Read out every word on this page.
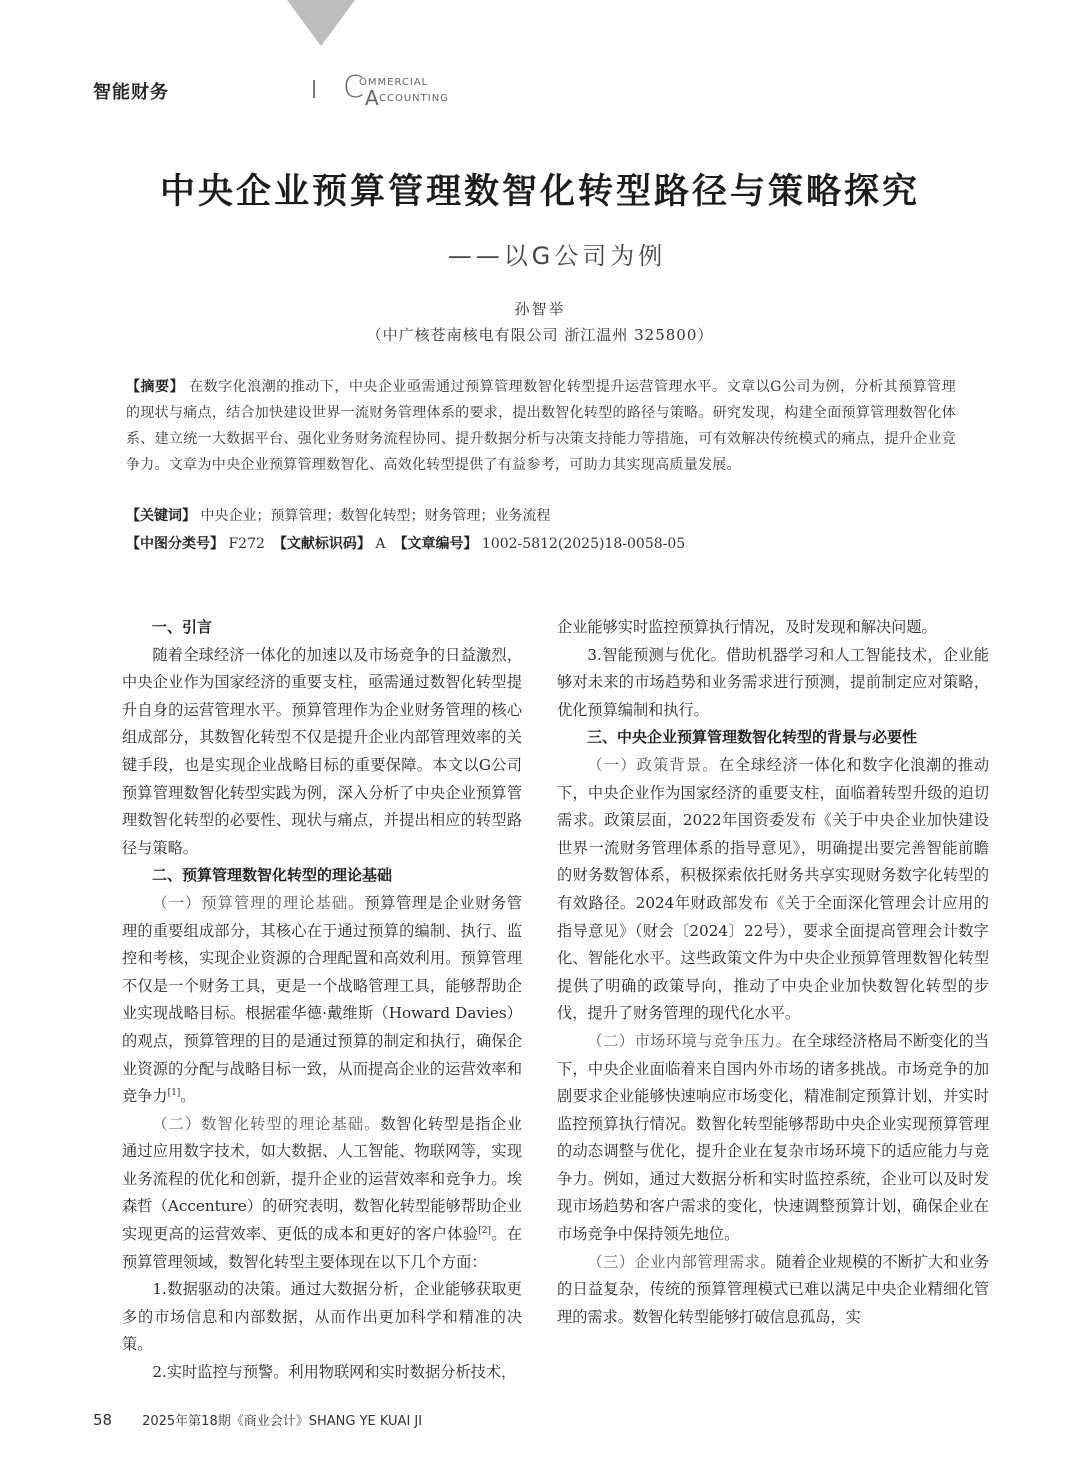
智能财务	C
OMMERCIAL
A CCOUNTING
中央企业预算管理数智化转型路径与策略探究
——以G公司为例
孙智举
（中广核苍南核电有限公司 浙江温州 325800）
【摘要】 在数字化浪潮的推动下，中央企业亟需通过预算管理数智化转型提升运营管理水平。文章以G公司为例，分析其预算管理的现状与痛点，结合加快建设世界一流财务管理体系的要求，提出数智化转型的路径与策略。研究发现，构建全面预算管理数智化体系、建立统一大数据平台、强化业务财务流程协同、提升数据分析与决策支持能力等措施，可有效解决传统模式的痛点，提升企业竞争力。文章为中央企业预算管理数智化、高效化转型提供了有益参考，可助力其实现高质量发展。
【关键词】 中央企业；预算管理；数智化转型；财务管理；业务流程
【中图分类号】 F272 【文献标识码】 A 【文章编号】 1002-5812(2025)18-0058-05
一、引言

随着全球经济一体化的加速以及市场竞争的日益激烈，中央企业作为国家经济的重要支柱，亟需通过数智化转型提升自身的运营管理水平。预算管理作为企业财务管理的核心组成部分，其数智化转型不仅是提升企业内部管理效率的关键手段，也是实现企业战略目标的重要保障。本文以G公司预算管理数智化转型实践为例，深入分析了中央企业预算管理数智化转型的必要性、现状与痛点，并提出相应的转型路径与策略。

二、预算管理数智化转型的理论基础

（一）预算管理的理论基础。预算管理是企业财务管理的重要组成部分，其核心在于通过预算的编制、执行、监控和考核，实现企业资源的合理配置和高效利用。预算管理不仅是一个财务工具，更是一个战略管理工具，能够帮助企业实现战略目标。根据霍华德·戴维斯（Howard Davies）的观点，预算管理的目的是通过预算的制定和执行，确保企业资源的分配与战略目标一致，从而提高企业的运营效率和竞争力[1]。

（二）数智化转型的理论基础。数智化转型是指企业通过应用数字技术，如大数据、人工智能、物联网等，实现业务流程的优化和创新，提升企业的运营效率和竞争力。埃森哲（Accenture）的研究表明，数智化转型能够帮助企业实现更高的运营效率、更低的成本和更好的客户体验[2]。在预算管理领域，数智化转型主要体现在以下几个方面：

1.数据驱动的决策。通过大数据分析，企业能够获取更多的市场信息和内部数据，从而作出更加科学和精准的决策。

2.实时监控与预警。利用物联网和实时数据分析技术，

企业能够实时监控预算执行情况，及时发现和解决问题。

3.智能预测与优化。借助机器学习和人工智能技术，企业能够对未来的市场趋势和业务需求进行预测，提前制定应对策略，优化预算编制和执行。

三、中央企业预算管理数智化转型的背景与必要性

（一）政策背景。在全球经济一体化和数字化浪潮的推动下，中央企业作为国家经济的重要支柱，面临着转型升级的迫切需求。政策层面，2022年国资委发布《关于中央企业加快建设世界一流财务管理体系的指导意见》，明确提出要完善智能前瞻的财务数智体系，积极探索依托财务共享实现财务数字化转型的有效路径。2024年财政部发布《关于全面深化管理会计应用的指导意见》（财会〔2024〕22号），要求全面提高管理会计数字化、智能化水平。这些政策文件为中央企业预算管理数智化转型提供了明确的政策导向，推动了中央企业加快数智化转型的步伐，提升了财务管理的现代化水平。

（二）市场环境与竞争压力。在全球经济格局不断变化的当下，中央企业面临着来自国内外市场的诸多挑战。市场竞争的加剧要求企业能够快速响应市场变化，精准制定预算计划，并实时监控预算执行情况。数智化转型能够帮助中央企业实现预算管理的动态调整与优化，提升企业在复杂市场环境下的适应能力与竞争力。例如，通过大数据分析和实时监控系统，企业可以及时发现市场趋势和客户需求的变化，快速调整预算计划，确保企业在市场竞争中保持领先地位。

（三）企业内部管理需求。随着企业规模的不断扩大和业务的日益复杂，传统的预算管理模式已难以满足中央企业精细化管理的需求。数智化转型能够打破信息孤岛，实

58 2025年第18期《商业会计》SHANG YE KUAI JI
